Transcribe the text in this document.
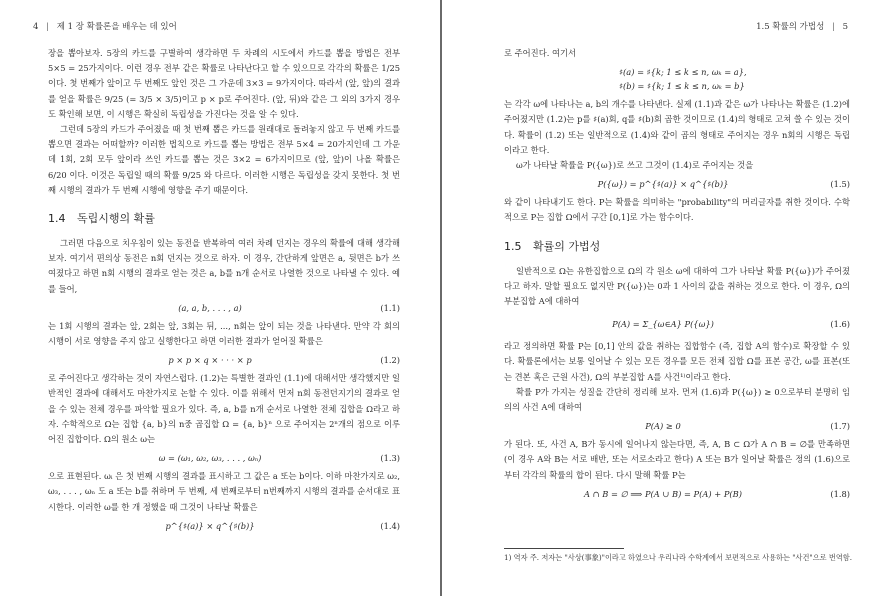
4 | 제 1 장 확률론을 배우는 데 있어

장을 뽑아보자. 5장의 카드를 구별하여 생각하면 두 차례의 시도에서 카드를 뽑을 방법은 전부 5×5 = 25가지이다. 이런 경우 전부 같은 확률로 나타난다고 할 수 있으므로 각각의 확률은 1/25 이다. 첫 번째가 앞이고 두 번째도 앞인 것은 그 가운데 3×3 = 9가지이다. 따라서 (앞, 앞)의 결과를 얻을 확률은 9/25 (= 3/5 × 3/5)이고 p × p로 주어진다. (앞, 뒤)와 같은 그 외의 3가지 경우도 확인해 보면, 이 시행은 확실히 독립성을 가진다는 것을 알 수 있다.

그런데 5장의 카드가 주어졌을 때 첫 번째 뽑은 카드를 원래대로 돌려놓지 않고 두 번째 카드를 뽑으면 결과는 어떠할까? 이러한 법칙으로 카드를 뽑는 방법은 전부 5×4 = 20가지인데 그 가운데 1회, 2회 모두 앞이라 쓰인 카드를 뽑는 것은 3×2 = 6가지이므로 (앞, 앞)이 나올 확률은 6/20 이다. 이것은 독립일 때의 확률 9/25 와 다르다. 이러한 시행은 독립성을 갖지 못한다. 첫 번째 시행의 결과가 두 번째 시행에 영향을 주기 때문이다.

1.4 독립시행의 확률

그러면 다음으로 치우침이 있는 동전을 반복하여 여러 차례 던지는 경우의 확률에 대해 생각해보자. 여기서 편의상 동전은 n회 던지는 것으로 하자. 이 경우, 간단하게 앞면은 a, 뒷면은 b가 쓰여졌다고 하면 n회 시행의 결과로 얻는 것은 a, b를 n개 순서로 나열한 것으로 나타낼 수 있다. 예를 들어,

(a, a, b, . . . , a)	(1.1)

는 1회 시행의 결과는 앞, 2회는 앞, 3회는 뒤, ..., n회는 앞이 되는 것을 나타낸다. 만약 각 회의 시행이 서로 영향을 주지 않고 실행한다고 하면 이러한 결과가 얻어질 확률은

p × p × q × · · · × p	(1.2)

로 주어진다고 생각하는 것이 자연스럽다. (1.2)는 특별한 결과인 (1.1)에 대해서만 생각했지만 일반적인 결과에 대해서도 마찬가지로 논할 수 있다. 이를 위해서 먼저 n회 동전던지기의 결과로 얻을 수 있는 전체 경우를 파악할 필요가 있다. 즉, a, b를 n개 순서로 나열한 전체 집합을 Ω라고 하자. 수학적으로 Ω는 집합 {a, b}의 n중 곱집합 Ω = {a, b}ⁿ 으로 주어지는 2ⁿ개의 점으로 이루어진 집합이다. Ω의 원소 ω는

ω = (ω₁, ω₂, ω₃, . . . , ωₙ)	(1.3)

으로 표현된다. ωᵢ 은 첫 번째 시행의 결과를 표시하고 그 값은 a 또는 b이다. 이하 마찬가지로 ω₂, ω₃, . . . , ωₙ 도 a 또는 b를 취하며 두 번째, 세 번째로부터 n번째까지 시행의 결과를 순서대로 표시한다. 이러한 ω를 한 개 정했을 때 그것이 나타날 확률은

p^{♯(a)} × q^{♯(b)}	(1.4)
1.5 확률의 가법성 | 5

로 주어진다. 여기서

♯(a) = ♯{k; 1 ≤ k ≤ n, ωₖ = a},
♯(b) = ♯{k; 1 ≤ k ≤ n, ωₖ = b}

는 각각 ω에 나타나는 a, b의 개수를 나타낸다. 실제 (1.1)과 같은 ω가 나타나는 확률은 (1.2)에 주어졌지만 (1.2)는 p를 ♯(a)회, q를 ♯(b)회 곱한 것이므로 (1.4)의 형태로 고쳐 쓸 수 있는 것이다. 확률이 (1.2) 또는 일반적으로 (1.4)와 같이 곱의 형태로 주어지는 경우 n회의 시행은 독립이라고 한다.

ω가 나타날 확률을 P({ω})로 쓰고 그것이 (1.4)로 주어지는 것을

P({ω}) = p^{♯(a)} × q^{♯(b)}	(1.5)

와 같이 나타내기도 한다. P는 확률을 의미하는 "probability"의 머리글자를 취한 것이다. 수학적으로 P는 집합 Ω에서 구간 [0,1]로 가는 함수이다.

1.5 확률의 가법성

일반적으로 Ω는 유한집합으로 Ω의 각 원소 ω에 대하여 그가 나타날 확률 P({ω})가 주어졌다고 하자. 말할 필요도 없지만 P({ω})는 0과 1 사이의 값을 취하는 것으로 한다. 이 경우, Ω의 부분집합 A에 대하여

P(A) = Σ_{ω∈A} P({ω})	(1.6)

라고 정의하면 확률 P는 [0,1] 안의 값을 취하는 집합함수 (즉, 집합 A의 함수)로 확장할 수 있다. 확률론에서는 보통 일어날 수 있는 모든 경우를 모든 전체 집합 Ω를 표본 공간, ω를 표본(또는 견본 혹은 근원 사건), Ω의 부분집합 A를 사건¹⁾이라고 한다.

확률 P가 가지는 성질을 간단히 정리해 보자. 먼저 (1.6)과 P({ω}) ≥ 0으로부터 분명히 임의의 사건 A에 대하여

P(A) ≥ 0	(1.7)

가 된다. 또, 사건 A, B가 동시에 일어나지 않는다면, 즉, A, B ⊂ Ω가 A ∩ B = ∅를 만족하면 (이 경우 A와 B는 서로 배반, 또는 서로소라고 한다) A 또는 B가 일어날 확률은 정의 (1.6)으로부터 각각의 확률의 합이 된다. 다시 말해 확률 P는

A ∩ B = ∅ ⟹ P(A ∪ B) = P(A) + P(B)	(1.8)
1) 역자 주. 저자는 "사상(事象)"이라고 하였으나 우리나라 수학계에서 보편적으로 사용하는 "사건"으로 번역함.
